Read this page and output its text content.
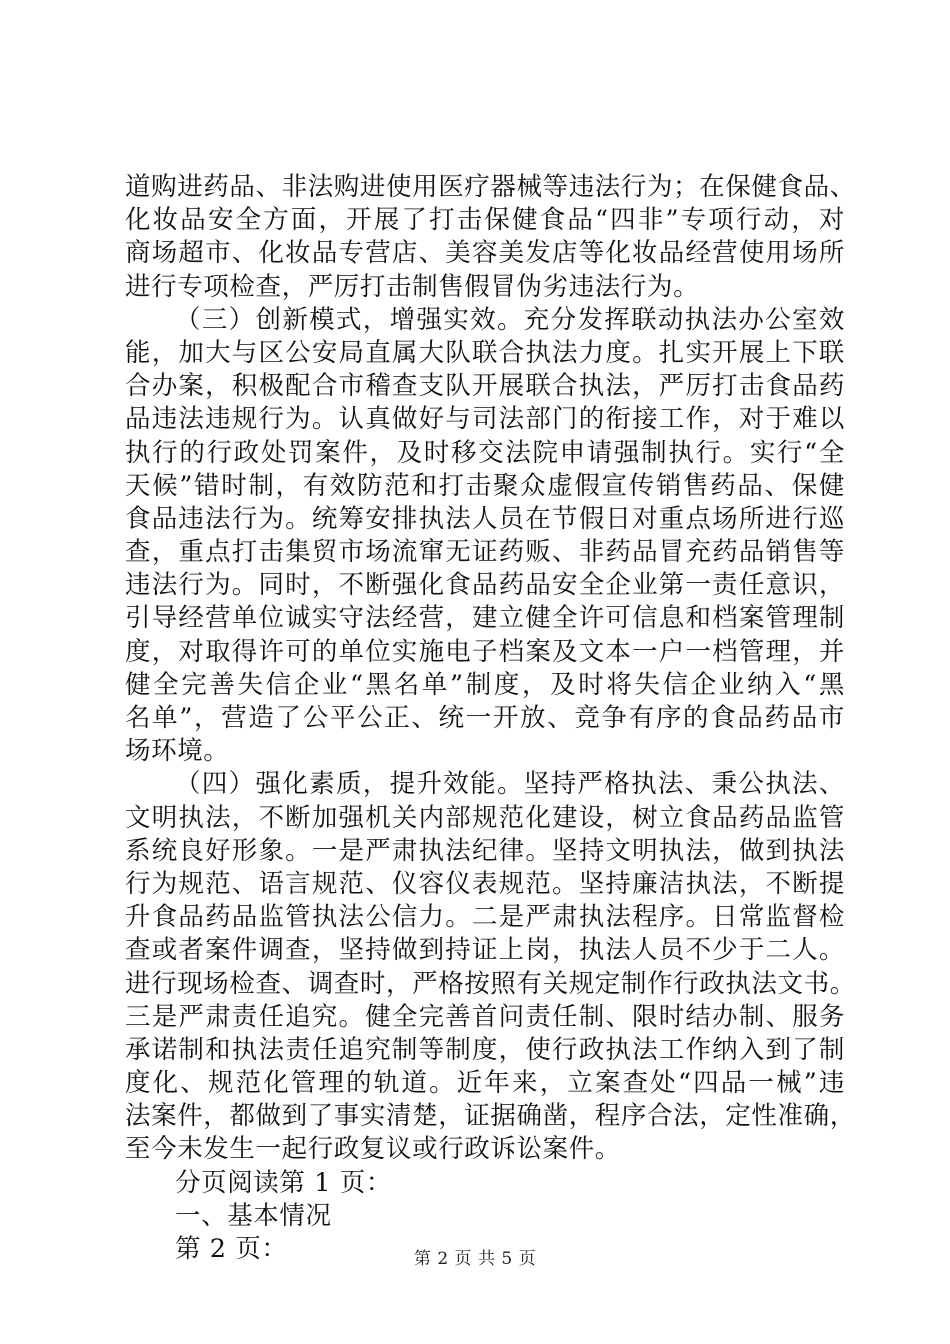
道购进药品、非法购进使用医疗器械等违法行为；在保健食品、
化妆品安全方面，开展了打击保健食品“四非”专项行动，对
商场超市、化妆品专营店、美容美发店等化妆品经营使用场所
进行专项检查，严厉打击制售假冒伪劣违法行为。
（三）创新模式，增强实效。充分发挥联动执法办公室效
能，加大与区公安局直属大队联合执法力度。扎实开展上下联
合办案，积极配合市稽查支队开展联合执法，严厉打击食品药
品违法违规行为。认真做好与司法部门的衔接工作，对于难以
执行的行政处罚案件，及时移交法院申请强制执行。实行“全
天候”错时制，有效防范和打击聚众虚假宣传销售药品、保健
食品违法行为。统筹安排执法人员在节假日对重点场所进行巡
查，重点打击集贸市场流窜无证药贩、非药品冒充药品销售等
违法行为。同时，不断强化食品药品安全企业第一责任意识，
引导经营单位诚实守法经营，建立健全许可信息和档案管理制
度，对取得许可的单位实施电子档案及文本一户一档管理，并
健全完善失信企业“黑名单”制度，及时将失信企业纳入“黑
名单”，营造了公平公正、统一开放、竞争有序的食品药品市
场环境。
（四）强化素质，提升效能。坚持严格执法、秉公执法、
文明执法，不断加强机关内部规范化建设，树立食品药品监管
系统良好形象。一是严肃执法纪律。坚持文明执法，做到执法
行为规范、语言规范、仪容仪表规范。坚持廉洁执法，不断提
升食品药品监管执法公信力。二是严肃执法程序。日常监督检
查或者案件调查，坚持做到持证上岗，执法人员不少于二人。
进行现场检查、调查时，严格按照有关规定制作行政执法文书。
三是严肃责任追究。健全完善首问责任制、限时结办制、服务
承诺制和执法责任追究制等制度，使行政执法工作纳入到了制
度化、规范化管理的轨道。近年来，立案查处“四品一械”违
法案件，都做到了事实清楚，证据确凿，程序合法，定性准确，
至今未发生一起行政复议或行政诉讼案件。
分页阅读第 1 页：
一、基本情况
第 2 页：	第 2 页 共 5 页
